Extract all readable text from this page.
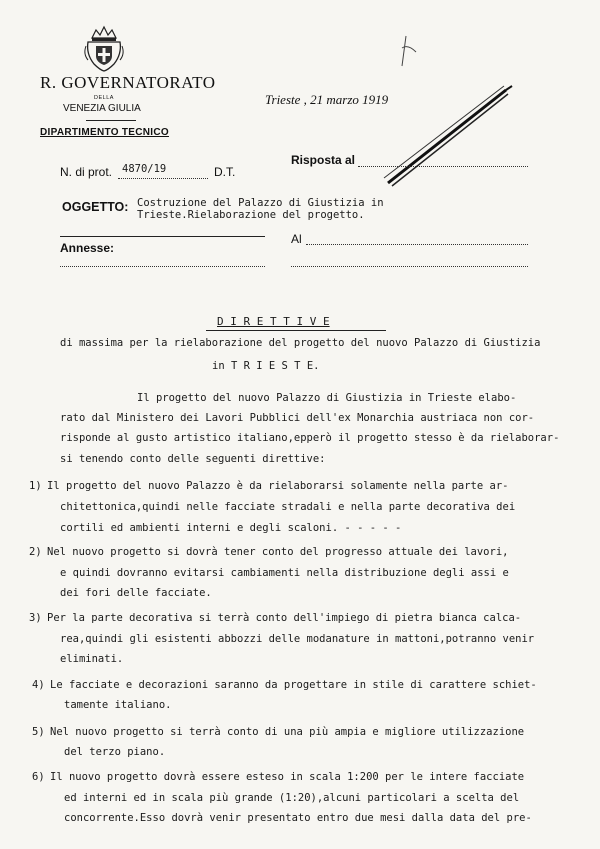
R. GOVERNATORATO
DELLA
VENEZIA GIULIA
DIPARTIMENTO TECNICO
Trieste , 21 marzo 1919
N. di prot. 4870/19	D.T.
Risposta al
OGGETTO: Costruzione del Palazzo di Giustizia in
Trieste.Rielaborazione del progetto.
Al
Annesse:
D I R E T T I V E
di massima per la rielaborazione del progetto del nuovo Palazzo di Giustizia
in T R I E S T E.
Il progetto del nuovo Palazzo di Giustizia in Trieste elabo-
rato dal Ministero dei Lavori Pubblici dell'ex Monarchia austriaca non cor-
risponde al gusto artistico italiano,epperò il progetto stesso è da rielaborar-
si tenendo conto delle seguenti direttive:
1) Il progetto del nuovo Palazzo è da rielaborarsi solamente nella parte ar-
chitettonica,quindi nelle facciate stradali e nella parte decorativa dei
cortili ed ambienti interni e degli scaloni. - - - - -
2) Nel nuovo progetto si dovrà tener conto del progresso attuale dei lavori,
e quindi dovranno evitarsi cambiamenti nella distribuzione degli assi e
dei fori delle facciate.
3) Per la parte decorativa si terrà conto dell'impiego di pietra bianca calca-
rea,quindi gli esistenti abbozzi delle modanature in mattoni,potranno venir
eliminati.
4) Le facciate e decorazioni saranno da progettare in stile di carattere schiet-
tamente italiano.
5) Nel nuovo progetto si terrà conto di una più ampia e migliore utilizzazione
del terzo piano.
6) Il nuovo progetto dovrà essere esteso in scala 1:200 per le intere facciate
ed interni ed in scala più grande (1:20),alcuni particolari a scelta del
concorrente.Esso dovrà venir presentato entro due mesi dalla data del pre-
